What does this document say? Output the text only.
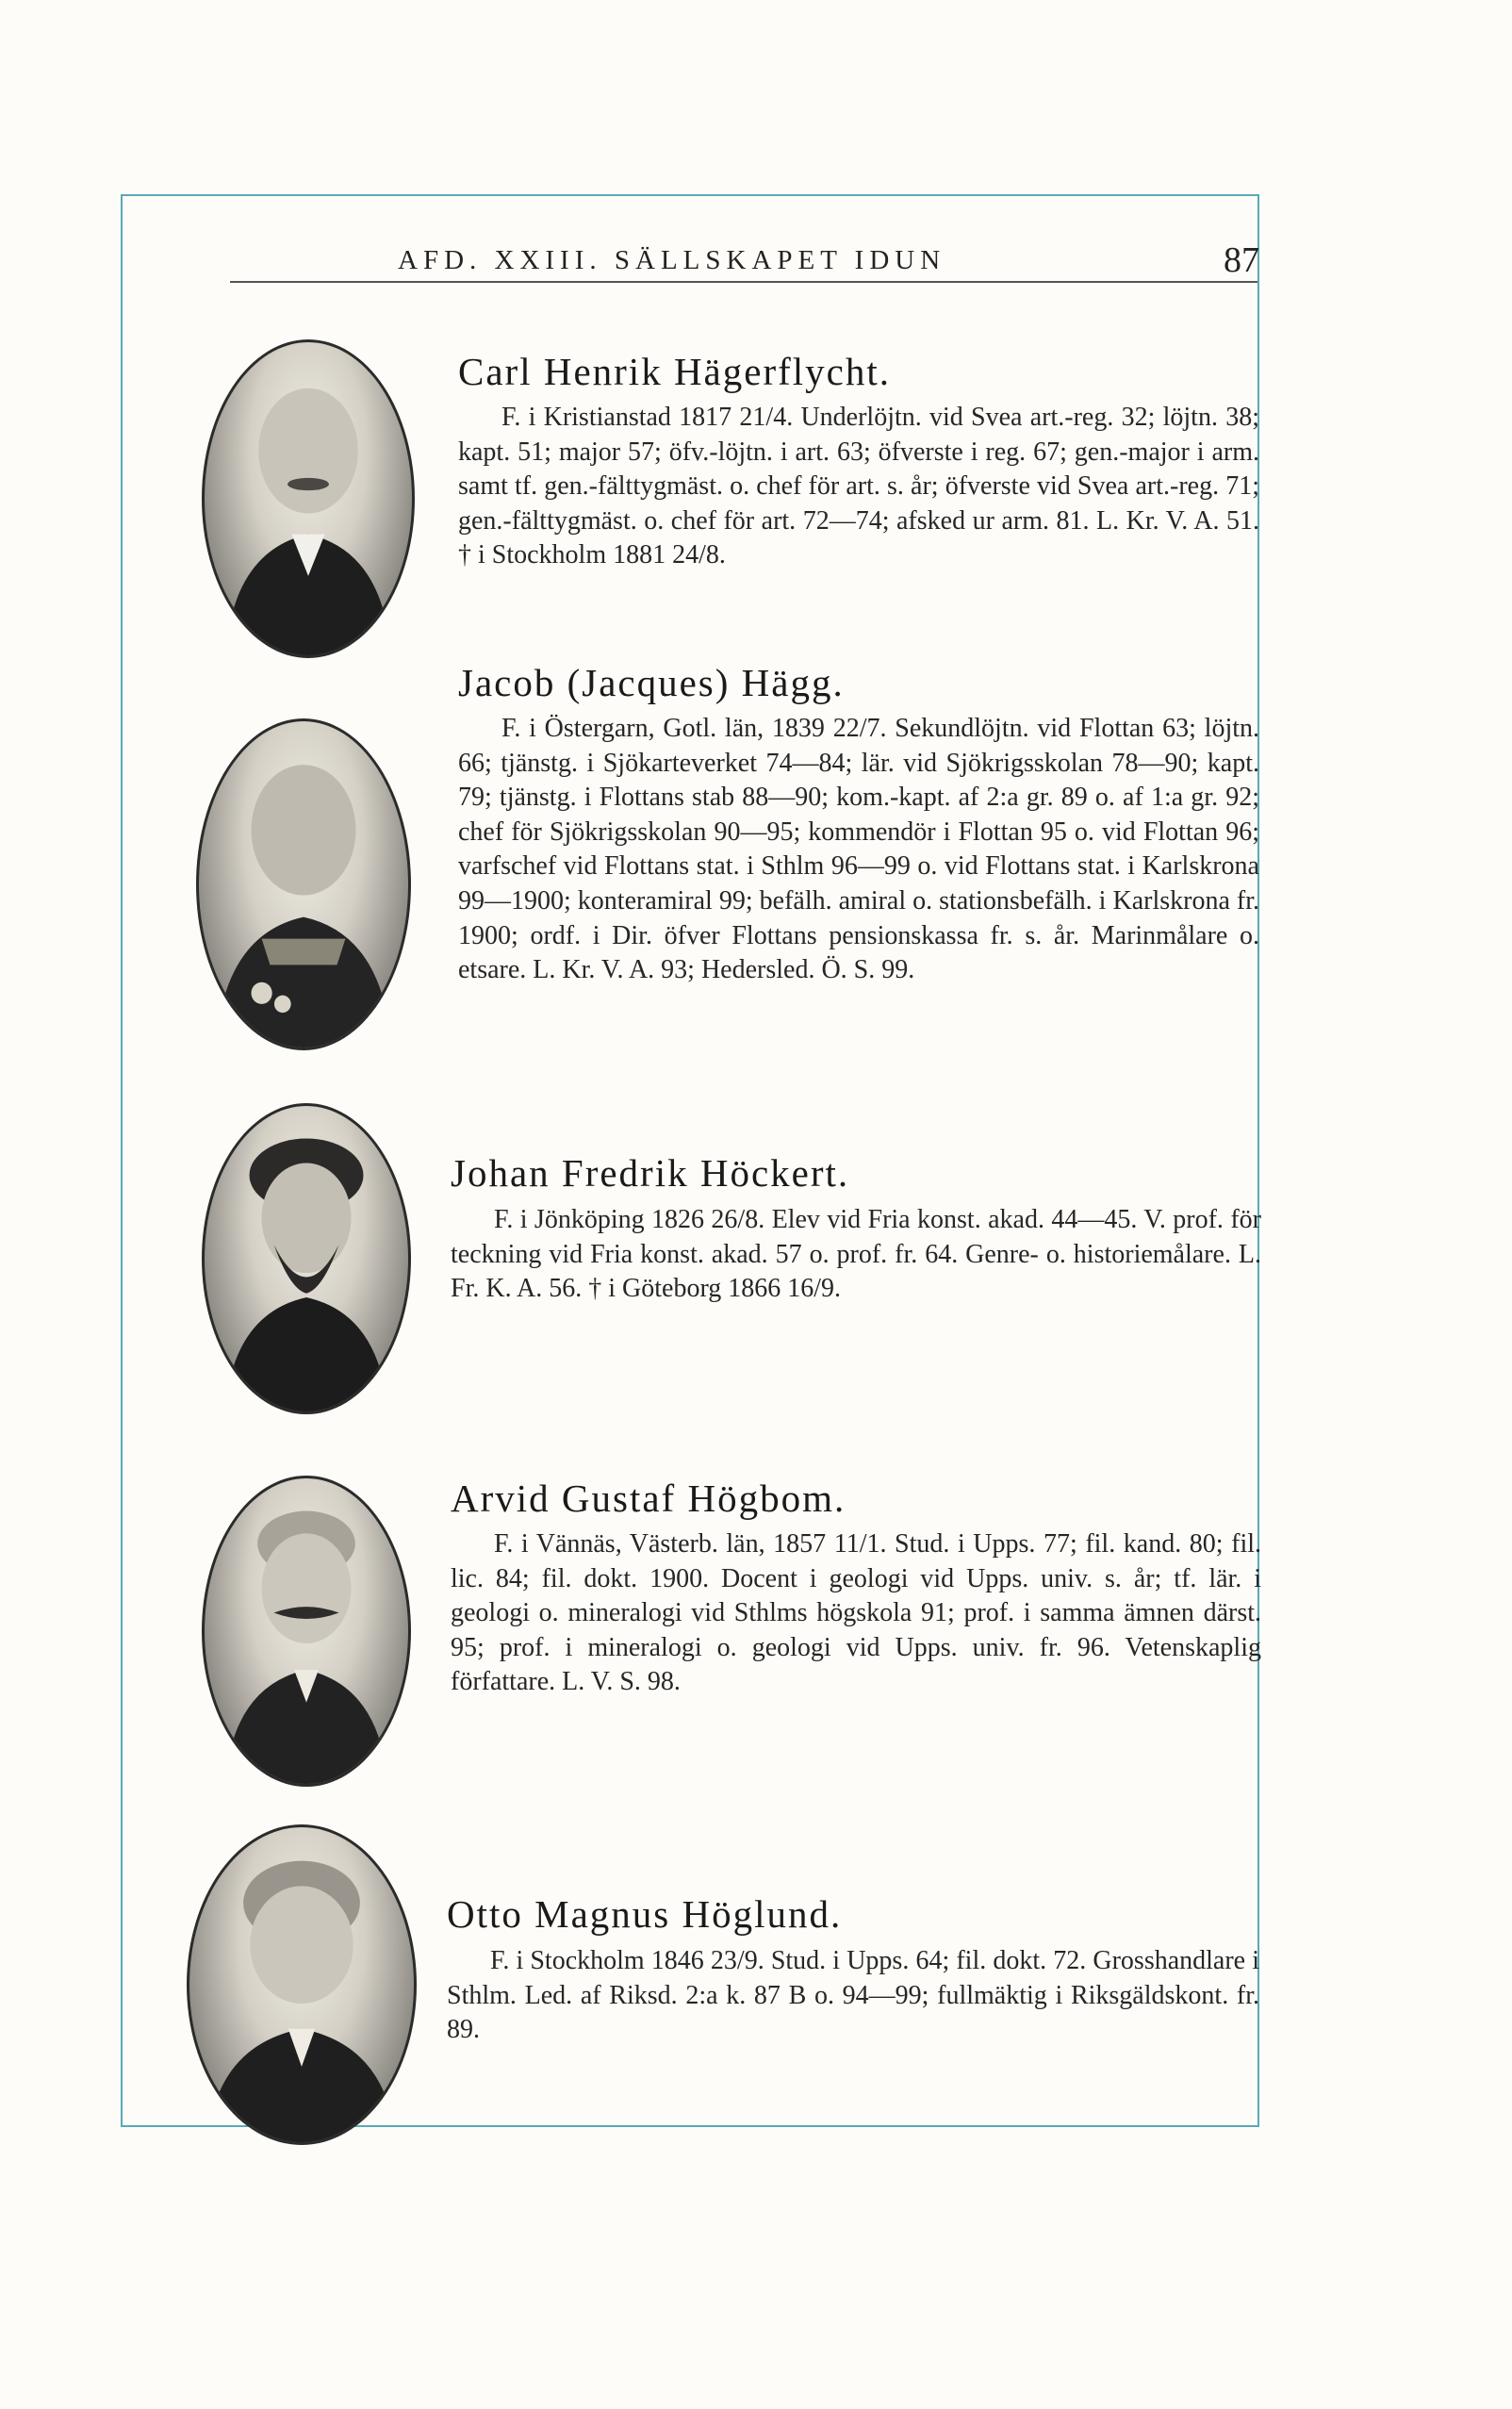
AFD. XXIII. SÄLLSKAPET IDUN	87
Carl Henrik Hägerflycht.

F. i Kristianstad 1817 21/4. Underlöjtn. vid Svea art.-reg. 32; löjtn. 38; kapt. 51; major 57; öfv.-löjtn. i art. 63; öfverste i reg. 67; gen.-major i arm. samt tf. gen.-fälttygmäst. o. chef för art. s. år; öfverste vid Svea art.-reg. 71; gen.-fälttygmäst. o. chef för art. 72—74; afsked ur arm. 81. L. Kr. V. A. 51. † i Stockholm 1881 24/8.

Jacob (Jacques) Hägg.

F. i Östergarn, Gotl. län, 1839 22/7. Sekundlöjtn. vid Flottan 63; löjtn. 66; tjänstg. i Sjökarteverket 74—84; lär. vid Sjökrigsskolan 78—90; kapt. 79; tjänstg. i Flottans stab 88—90; kom.-kapt. af 2:a gr. 89 o. af 1:a gr. 92; chef för Sjökrigsskolan 90—95; kommendör i Flottan 95 o. vid Flottan 96; varfschef vid Flottans stat. i Sthlm 96—99 o. vid Flottans stat. i Karlskrona 99—1900; konteramiral 99; befälh. amiral o. stationsbefälh. i Karlskrona fr. 1900; ordf. i Dir. öfver Flottans pensionskassa fr. s. år. Marinmålare o. etsare. L. Kr. V. A. 93; Hedersled. Ö. S. 99.

Johan Fredrik Höckert.

F. i Jönköping 1826 26/8. Elev vid Fria konst. akad. 44—45. V. prof. för teckning vid Fria konst. akad. 57 o. prof. fr. 64. Genre- o. historiemålare. L. Fr. K. A. 56. † i Göteborg 1866 16/9.

Arvid Gustaf Högbom.

F. i Vännäs, Västerb. län, 1857 11/1. Stud. i Upps. 77; fil. kand. 80; fil. lic. 84; fil. dokt. 1900. Docent i geologi vid Upps. univ. s. år; tf. lär. i geologi o. mineralogi vid Sthlms högskola 91; prof. i samma ämnen därst. 95; prof. i mineralogi o. geologi vid Upps. univ. fr. 96. Vetenskaplig författare. L. V. S. 98.

Otto Magnus Höglund.

F. i Stockholm 1846 23/9. Stud. i Upps. 64; fil. dokt. 72. Grosshandlare i Sthlm. Led. af Riksd. 2:a k. 87 B o. 94—99; fullmäktig i Riksgäldskont. fr. 89.
